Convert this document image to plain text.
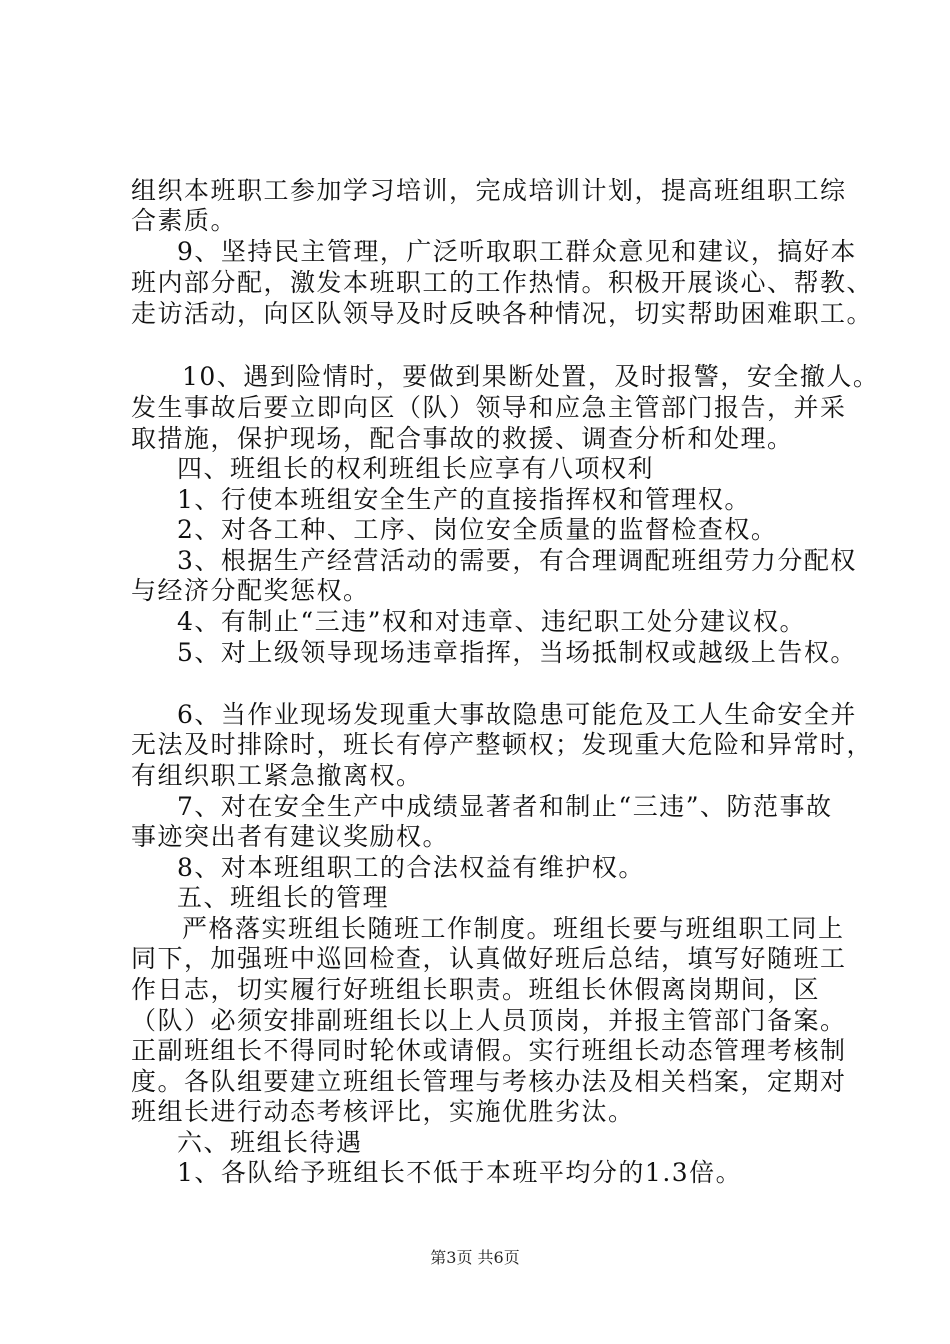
组织本班职工参加学习培训，完成培训计划，提高班组职工综
合素质。
9、坚持民主管理，广泛听取职工群众意见和建议，搞好本
班内部分配，激发本班职工的工作热情。积极开展谈心、帮教、
走访活动，向区队领导及时反映各种情况，切实帮助困难职工。
10、遇到险情时，要做到果断处置，及时报警，安全撤人。
发生事故后要立即向区（队）领导和应急主管部门报告，并采
取措施，保护现场，配合事故的救援、调查分析和处理。
四、班组长的权利班组长应享有八项权利
1、行使本班组安全生产的直接指挥权和管理权。
2、对各工种、工序、岗位安全质量的监督检查权。
3、根据生产经营活动的需要，有合理调配班组劳力分配权
与经济分配奖惩权。
4、有制止“三违”权和对违章、违纪职工处分建议权。
5、对上级领导现场违章指挥，当场抵制权或越级上告权。
6、当作业现场发现重大事故隐患可能危及工人生命安全并
无法及时排除时，班长有停产整顿权；发现重大危险和异常时，
有组织职工紧急撤离权。
7、对在安全生产中成绩显著者和制止“三违”、防范事故
事迹突出者有建议奖励权。
8、对本班组职工的合法权益有维护权。
五、班组长的管理
严格落实班组长随班工作制度。班组长要与班组职工同上
同下，加强班中巡回检查，认真做好班后总结，填写好随班工
作日志，切实履行好班组长职责。班组长休假离岗期间，区
（队）必须安排副班组长以上人员顶岗，并报主管部门备案。
正副班组长不得同时轮休或请假。实行班组长动态管理考核制
度。各队组要建立班组长管理与考核办法及相关档案，定期对
班组长进行动态考核评比，实施优胜劣汰。
六、班组长待遇
1、各队给予班组长不低于本班平均分的1.3倍。
第3页 共6页
